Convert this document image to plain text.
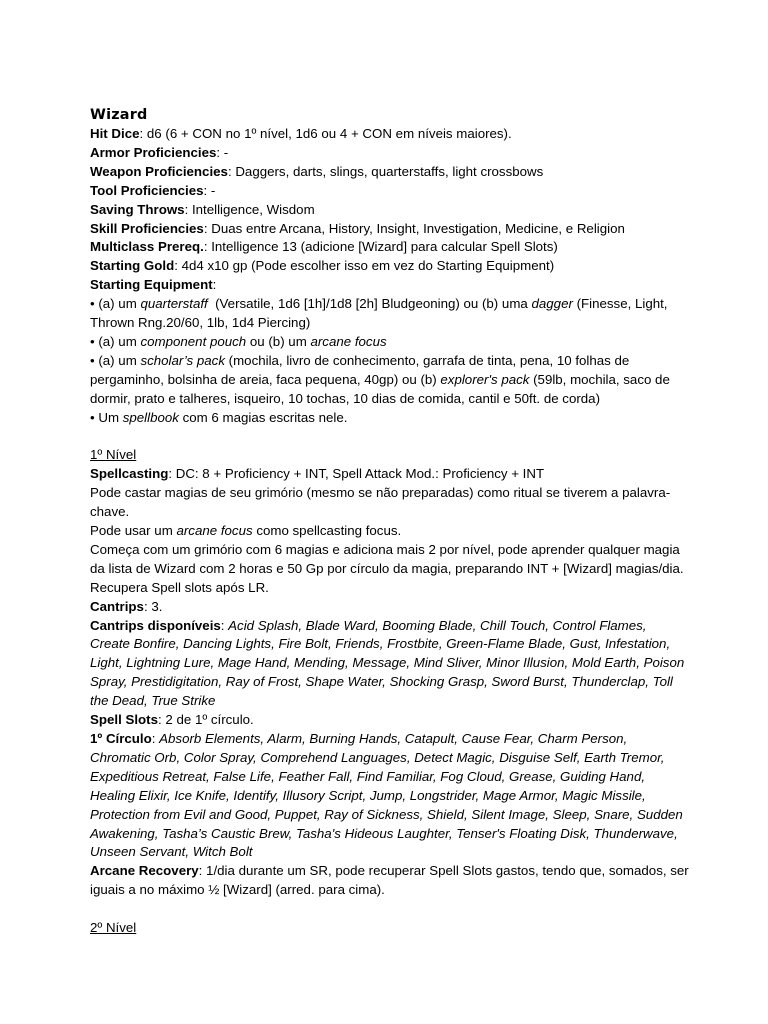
Wizard

Hit Dice: d6 (6 + CON no 1º nível, 1d6 ou 4 + CON em níveis maiores).

Armor Proficiencies: -

Weapon Proficiencies: Daggers, darts, slings, quarterstaffs, light crossbows

Tool Proficiencies: -

Saving Throws: Intelligence, Wisdom

Skill Proficiencies: Duas entre Arcana, History, Insight, Investigation, Medicine, e Religion

Multiclass Prereq.: Intelligence 13 (adicione [Wizard] para calcular Spell Slots)

Starting Gold: 4d4 x10 gp (Pode escolher isso em vez do Starting Equipment)

Starting Equipment:

• (a) um quarterstaff  (Versatile, 1d6 [1h]/1d8 [2h] Bludgeoning) ou (b) uma dagger (Finesse, Light, Thrown Rng.20/60, 1lb, 1d4 Piercing)

• (a) um component pouch ou (b) um arcane focus

• (a) um scholar’s pack (mochila, livro de conhecimento, garrafa de tinta, pena, 10 folhas de pergaminho, bolsinha de areia, faca pequena, 40gp) ou (b) explorer's pack (59lb, mochila, saco de dormir, prato e talheres, isqueiro, 10 tochas, 10 dias de comida, cantil e 50ft. de corda)

• Um spellbook com 6 magias escritas nele.

1º Nível

Spellcasting: DC: 8 + Proficiency + INT, Spell Attack Mod.: Proficiency + INT

Pode castar magias de seu grimório (mesmo se não preparadas) como ritual se tiverem a palavra-chave.

Pode usar um arcane focus como spellcasting focus.

Começa com um grimório com 6 magias e adiciona mais 2 por nível, pode aprender qualquer magia da lista de Wizard com 2 horas e 50 Gp por círculo da magia, preparando INT + [Wizard] magias/dia. Recupera Spell slots após LR.

Cantrips: 3.

Cantrips disponíveis: Acid Splash, Blade Ward, Booming Blade, Chill Touch, Control Flames, Create Bonfire, Dancing Lights, Fire Bolt, Friends, Frostbite, Green-Flame Blade, Gust, Infestation, Light, Lightning Lure, Mage Hand, Mending, Message, Mind Sliver, Minor Illusion, Mold Earth, Poison Spray, Prestidigitation, Ray of Frost, Shape Water, Shocking Grasp, Sword Burst, Thunderclap, Toll the Dead, True Strike

Spell Slots: 2 de 1º círculo.

1º Círculo: Absorb Elements, Alarm, Burning Hands, Catapult, Cause Fear, Charm Person, Chromatic Orb, Color Spray, Comprehend Languages, Detect Magic, Disguise Self, Earth Tremor, Expeditious Retreat, False Life, Feather Fall, Find Familiar, Fog Cloud, Grease, Guiding Hand, Healing Elixir, Ice Knife, Identify, Illusory Script, Jump, Longstrider, Mage Armor, Magic Missile, Protection from Evil and Good, Puppet, Ray of Sickness, Shield, Silent Image, Sleep, Snare, Sudden Awakening, Tasha’s Caustic Brew, Tasha's Hideous Laughter, Tenser's Floating Disk, Thunderwave, Unseen Servant, Witch Bolt

Arcane Recovery: 1/dia durante um SR, pode recuperar Spell Slots gastos, tendo que, somados, ser iguais a no máximo ½ [Wizard] (arred. para cima).

2º Nível
